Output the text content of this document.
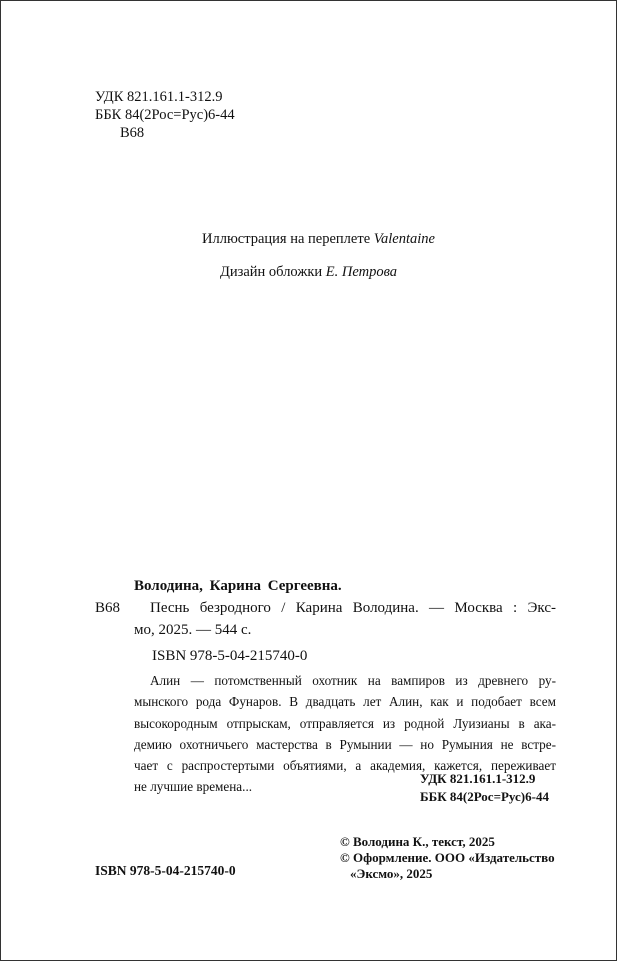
УДК 821.161.1-312.9
ББК 84(2Рос=Рус)6-44
В68
Иллюстрация на переплете Valentaine
Дизайн обложки Е. Петрова
Володина, Карина Сергеевна.
В68 Песнь безродного / Карина Володина. — Москва : Экс-
мо, 2025. — 544 с.
ISBN 978-5-04-215740-0
Алин — потомственный охотник на вампиров из древнего ру-
мынского рода Фунаров. В двадцать лет Алин, как и подобает всем
высокородным отпрыскам, отправляется из родной Луизианы в ака-
демию охотничьего мастерства в Румынии — но Румыния не встре-
чает с распростертыми объятиями, а академия, кажется, переживает
не лучшие времена...
УДК 821.161.1-312.9
ББК 84(2Рос=Рус)6-44
© Володина К., текст, 2025
© Оформление. ООО «Издательство
«Эксмо», 2025
ISBN 978-5-04-215740-0
